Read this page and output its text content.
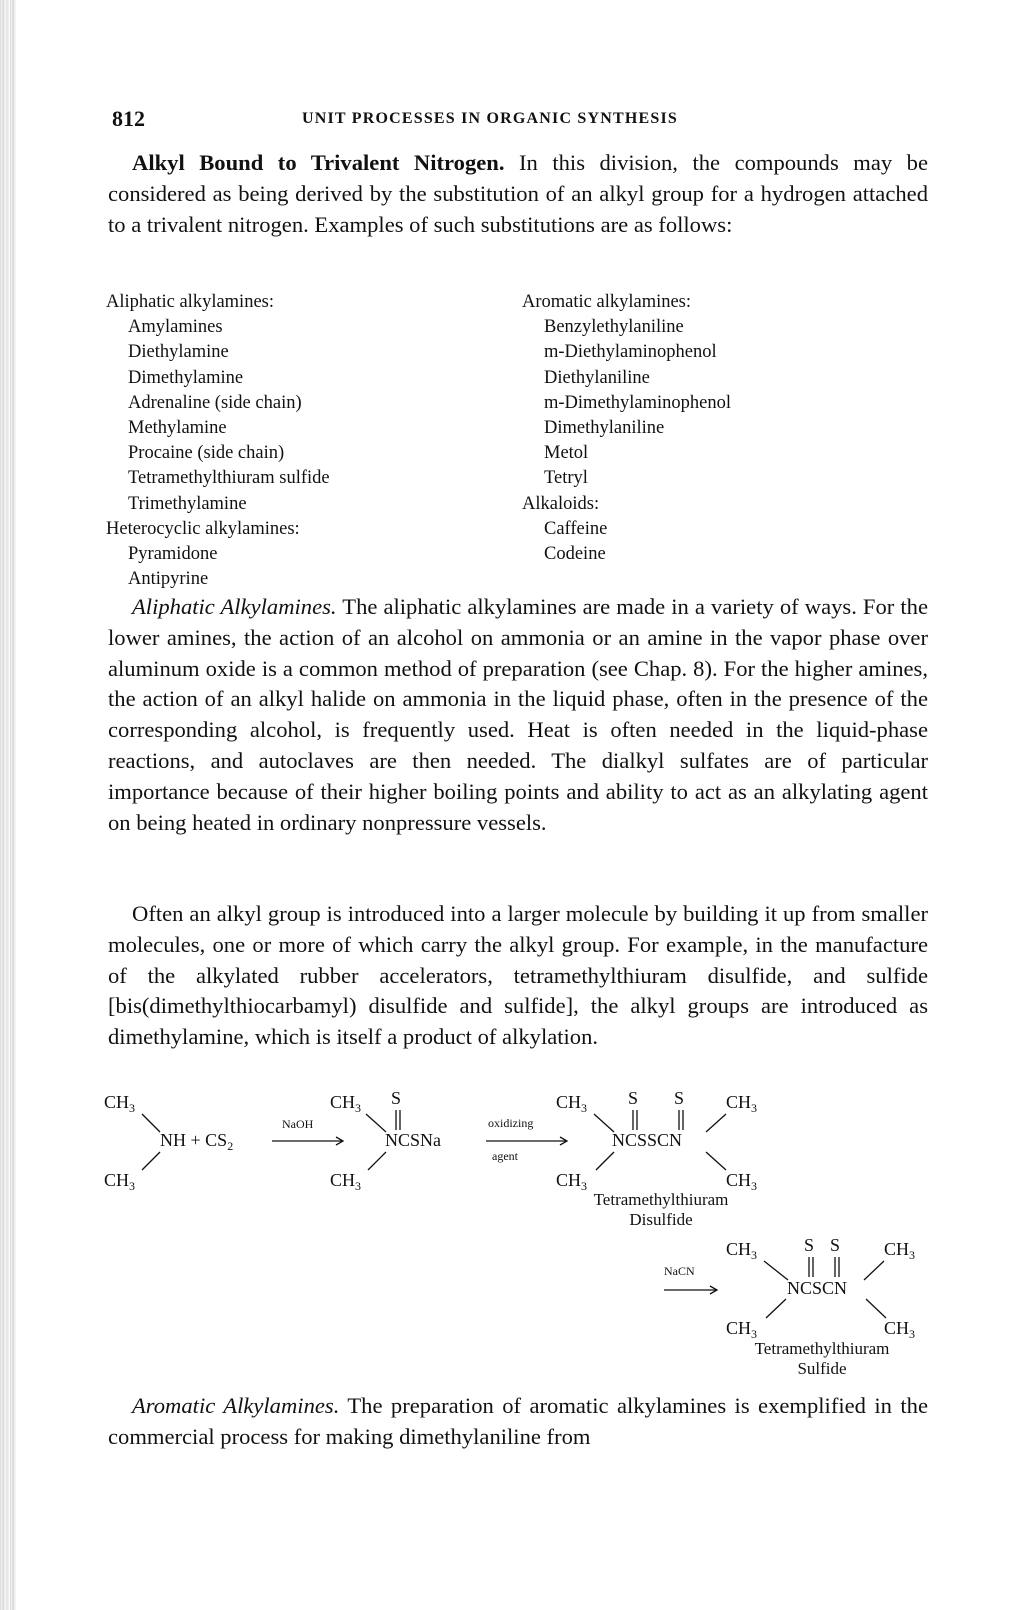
812	UNIT PROCESSES IN ORGANIC SYNTHESIS

Alkyl Bound to Trivalent Nitrogen. In this division, the compounds may be considered as being derived by the substitution of an alkyl group for a hydrogen attached to a trivalent nitrogen. Examples of such substitutions are as follows:

Aliphatic alkylamines:
Amylamines
Diethylamine
Dimethylamine
Adrenaline (side chain)
Methylamine
Procaine (side chain)
Tetramethylthiuram sulfide
Trimethylamine
Heterocyclic alkylamines:
Pyramidone
Antipyrine
Aromatic alkylamines:
Benzylethylaniline
m-Diethylaminophenol
Diethylaniline
m-Dimethylaminophenol
Dimethylaniline
Metol
Tetryl
Alkaloids:
Caffeine
Codeine

Aliphatic Alkylamines. The aliphatic alkylamines are made in a variety of ways. For the lower amines, the action of an alcohol on ammonia or an amine in the vapor phase over aluminum oxide is a common method of preparation (see Chap. 8). For the higher amines, the action of an alkyl halide on ammonia in the liquid phase, often in the presence of the corresponding alcohol, is frequently used. Heat is often needed in the liquid-phase reactions, and autoclaves are then needed. The dialkyl sulfates are of particular importance because of their higher boiling points and ability to act as an alkylating agent on being heated in ordinary nonpressure vessels.

Often an alkyl group is introduced into a larger molecule by building it up from smaller molecules, one or more of which carry the alkyl group. For example, in the manufacture of the alkylated rubber accelerators, tetramethylthiuram disulfide, and sulfide [bis(dimethylthiocarbamyl) disulfide and sulfide], the alkyl groups are introduced as dimethylamine, which is itself a product of alkylation.

$CH_3$
NH + $CS_2$
$CH_3$
NaOH
$CH_3$ S
NCSNa
$CH_3$
oxidizing
agent
$CH_3$ S S $CH_3$
NCSSCN
$CH_3$	$CH_3$
Tetramethylthiuram
Disulfide
NaCN
$CH_3$	S S $CH_3$
NCSCN
$CH_3$	$CH_3$
Tetramethylthiuram
Sulfide

Aromatic Alkylamines. The preparation of aromatic alkylamines is exemplified in the commercial process for making dimethylaniline from
